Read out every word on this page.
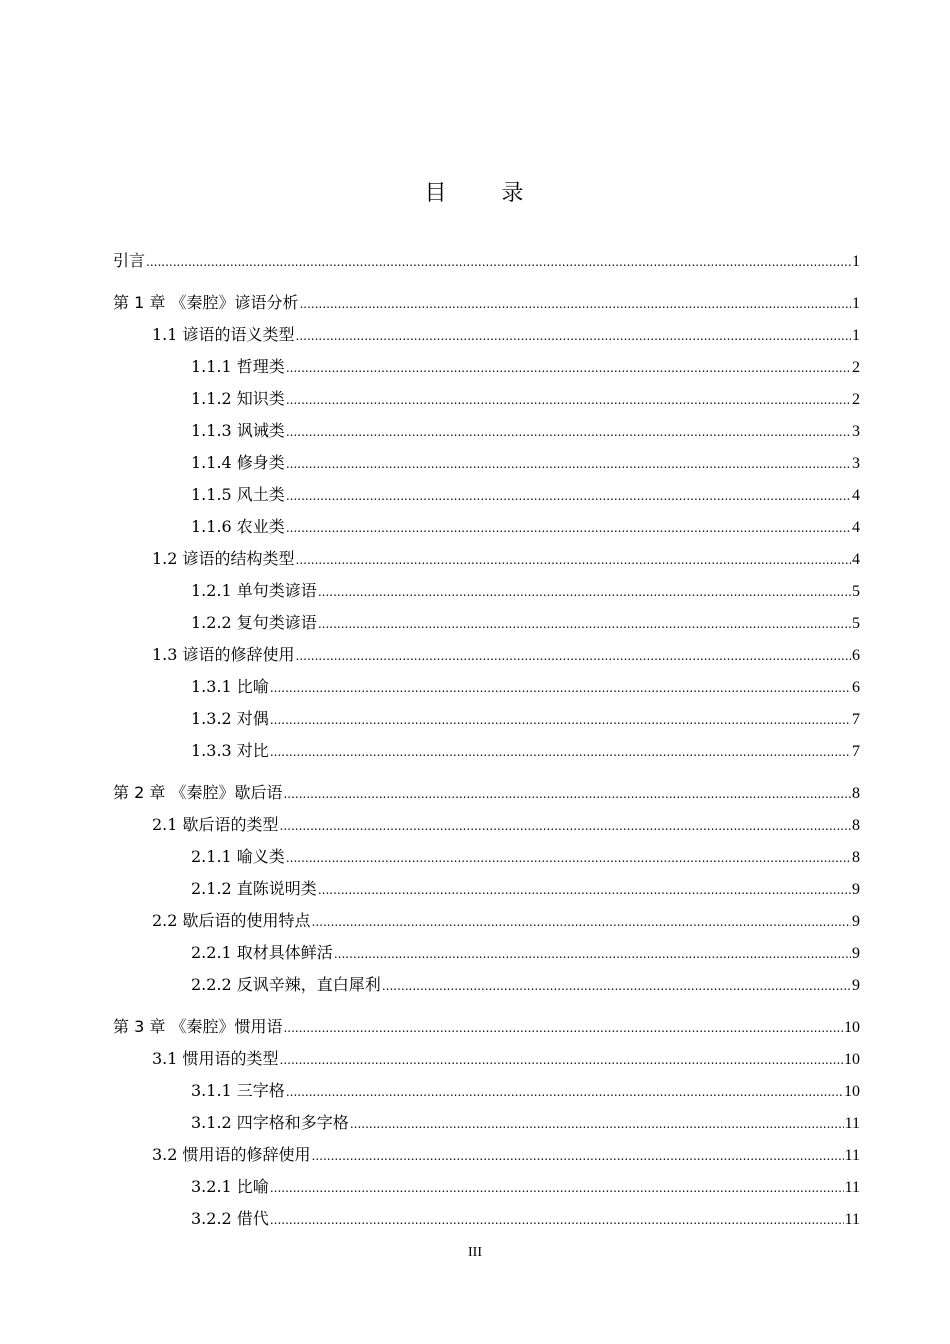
目 录
引言 .....	1
第 1 章 《秦腔》谚语分析 .....	1
1.1 谚语的语义类型 .....	1
1.1.1 哲理类 .....	2
1.1.2 知识类 .....	2
1.1.3 讽诫类 .....	3
1.1.4 修身类 .....	3
1.1.5 风土类 .....	4
1.1.6 农业类 .....	4
1.2 谚语的结构类型 .....	4
1.2.1 单句类谚语 .....	5
1.2.2 复句类谚语 .....	5
1.3 谚语的修辞使用 .....	6
1.3.1 比喻 .....	6
1.3.2 对偶 .....	7
1.3.3 对比 .....	7
第 2 章 《秦腔》歇后语 .....	8
2.1 歇后语的类型 .....	8
2.1.1 喻义类 .....	8
2.1.2 直陈说明类 .....	9
2.2 歇后语的使用特点 .....	9
2.2.1 取材具体鲜活 .....	9
2.2.2 反讽辛辣，直白犀利 .....	9
第 3 章 《秦腔》惯用语 .....	10
3.1 惯用语的类型 .....	10
3.1.1 三字格 .....	10
3.1.2 四字格和多字格 .....	11
3.2 惯用语的修辞使用 .....	11
3.2.1 比喻 .....	11
3.2.2 借代 .....	11
III
